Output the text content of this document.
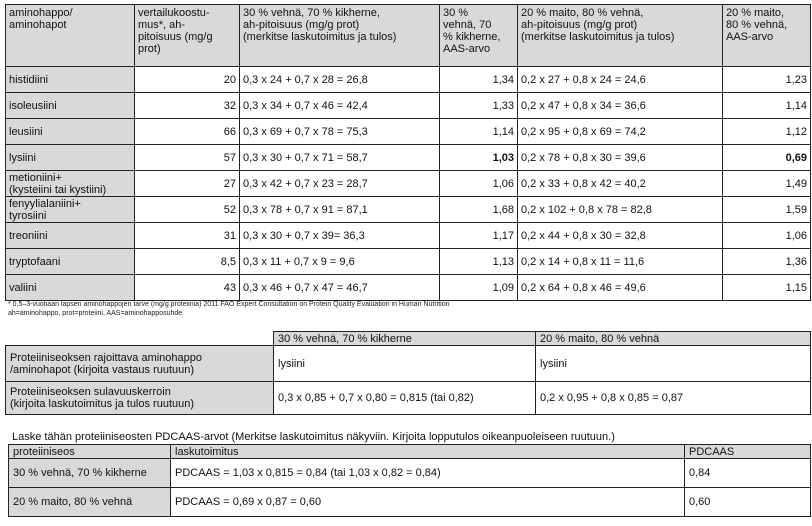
aminohappo/
aminohapot	vertailukoostu-
mus*, ah-
pitoisuus (mg/g
prot)	30 % vehnä, 70 % kikherne,
ah-pitoisuus (mg/g prot)
(merkitse laskutoimitus ja tulos)	30 %
vehnä, 70
% kikherne,
AAS-arvo	20 % maito, 80 % vehnä,
ah-pitoisuus (mg/g prot)
(merkitse laskutoimitus ja tulos)	20 % maito,
80 % vehnä,
AAS-arvo
histidiini	20	0,3 x 24 + 0,7 x 28 = 26,8	1,34	0,2 x 27 + 0,8 x 24 = 24,6	1,23
isoleusiini	32	0,3 x 34 + 0,7 x 46 = 42,4	1,33	0,2 x 47 + 0,8 x 34 = 36,6	1,14
leusiini	66	0,3 x 69 + 0,7 x 78 = 75,3	1,14	0,2 x 95 + 0,8 x 69 = 74,2	1,12
lysiini	57	0,3 x 30 + 0,7 x 71 = 58,7	1,03	0,2 x 78 + 0,8 x 30 = 39,6	0,69
metioniini+
(kysteiini tai kystiini)	27	0,3 x 42 + 0,7 x 23 = 28,7	1,06	0,2 x 33 + 0,8 x 42 = 40,2	1,49
fenyylialaniini+
tyrosiini	52	0,3 x 78 + 0,7 x 91 = 87,1	1,68	0,2 x 102 + 0,8 x 78 = 82,8	1,59
treoniini	31	0,3 x 30 + 0,7 x 39= 36,3	1,17	0,2 x 44 + 0,8 x 30 = 32,8	1,06
tryptofaani	8,5	0,3 x 11 + 0,7 x 9 = 9,6	1,13	0,2 x 14 + 0,8 x 11 = 11,6	1,36
valiini	43	0,3 x 46 + 0,7 x 47 = 46,7	1,09	0,2 x 64 + 0,8 x 46 = 49,6	1,15
* 0,5–3-vuotiaan lapsen aminohappojen tarve (mg/g proteiinia) 2011 FAO Expert Consultation on Protein Quality Evaluation in Human Nutrition
ah=aminohappo, prot=proteiini, AAS=aminohapposuhde
	30 % vehnä, 70 % kikherne	20 % maito, 80 % vehnä
Proteiiniseoksen rajoittava aminohappo
/aminohapot (kirjoita vastaus ruutuun)	lysiini	lysiini
Proteiiniseoksen sulavuuskerroin
(kirjoita laskutoimitus ja tulos ruutuun)	0,3 x 0,85 + 0,7 x 0,80 = 0,815 (tai 0,82)	0,2 x 0,95 + 0,8 x 0,85 = 0,87
Laske tähän proteiiniseosten PDCAAS-arvot (Merkitse laskutoimitus näkyviin. Kirjoita lopputulos oikeanpuoleiseen ruutuun.)
proteiiniseos	laskutoimitus	PDCAAS
30 % vehnä, 70 % kikherne	PDCAAS = 1,03 x 0,815 = 0,84 (tai 1,03 x 0,82 = 0,84)	0,84
20 % maito, 80 % vehnä	PDCAAS = 0,69 x 0,87 = 0,60	0,60
